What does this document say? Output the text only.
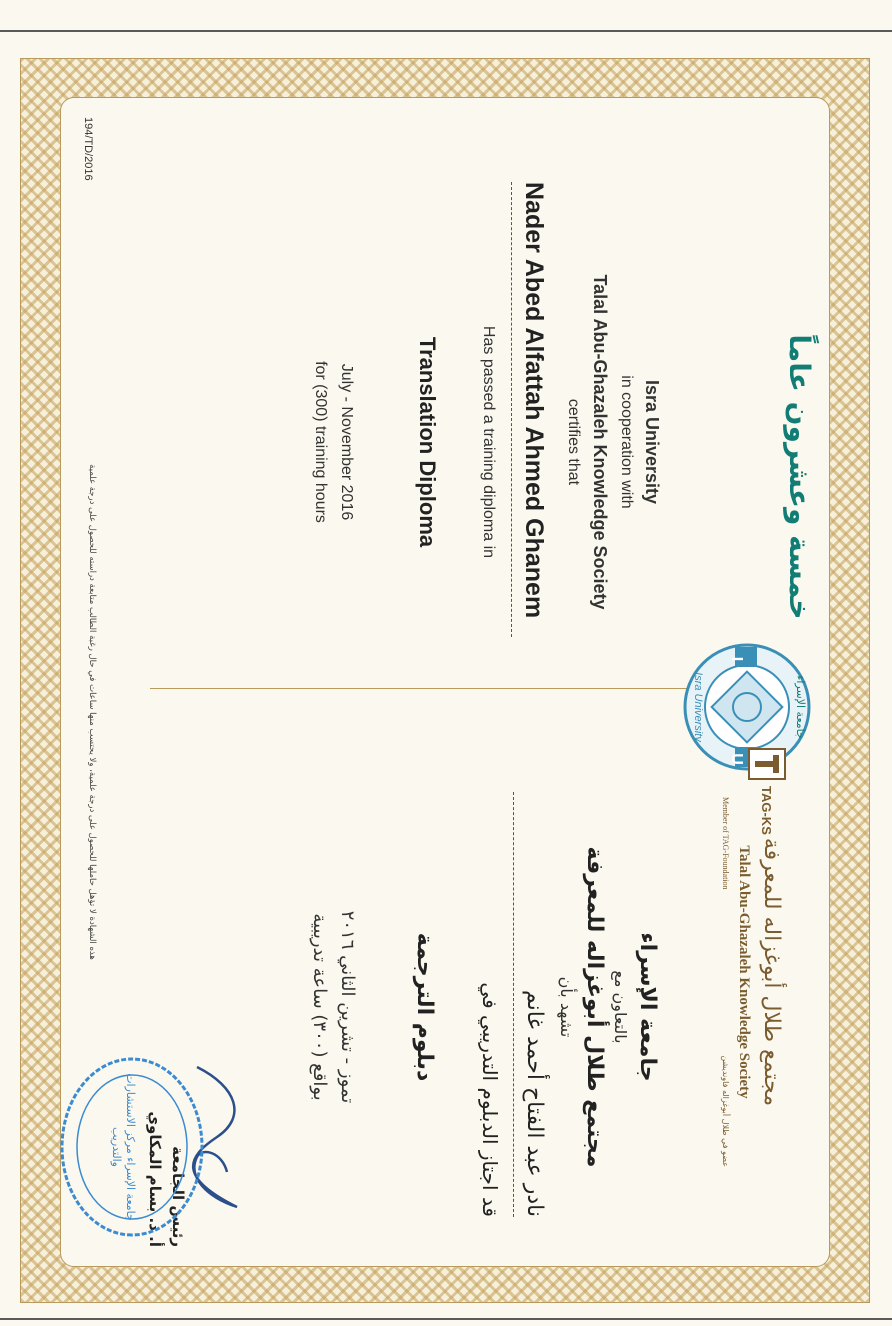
خمسة وعشرون عاماً
I
U
جامعة الإسراء
Isra University
TAG-KS
مجتمع طلال أبوغزاله للمعرفة
Talal Abu-Ghazaleh Knowledge Society
Member of TAG-Foundation
عضو في طلال أبوغزاله فاونديشن
Isra University
in cooperation with
Talal Abu-Ghazaleh Knowledge Society
certifies that
Nader Abed Alfattah Ahmed Ghanem
Has passed a training diploma in
Translation Diploma
July - November 2016
for (300) training hours
جامعة الإسراء
بالتعاون مع
مجتمع طلال أبوغزاله للمعرفة
تشهد بأن
نادر عبد الفتاح أحمد غانم
قد اجتاز الدبلوم التدريبي في
دبلوم الترجمة
تموز - تشرين الثاني ٢٠١٦
بواقع (٣٠٠) ساعة تدريبية
رئيس الجامعة
أ. د. بسام المكاوي
جامعة الإسراء مركز الاستشارات والتدريب
هذه الشهادة لا تؤهل حاملها للحصول على درجة علمية، ولا يحتسب منها ساعات في حال رغبة الطالب متابعة دراسته للحصول على درجة علمية
194/TD/2016
